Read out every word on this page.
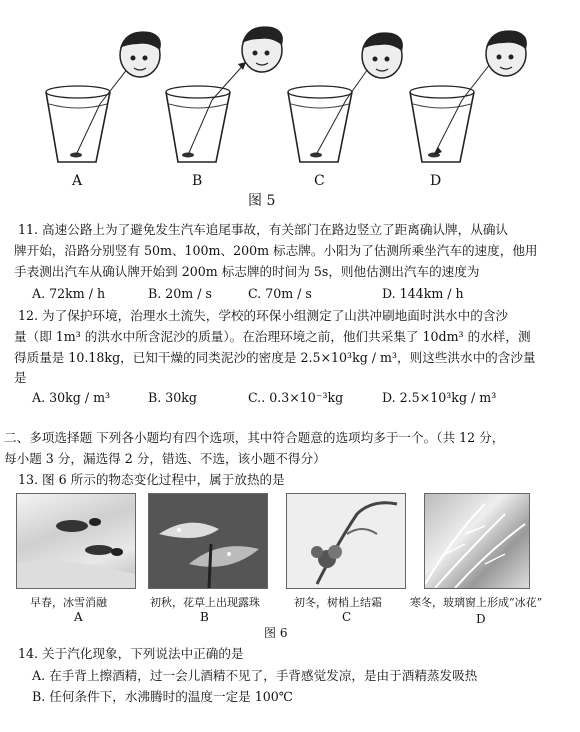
A	B	C	D
图 5
11. 高速公路上为了避免发生汽车追尾事故，有关部门在路边竖立了距离确认牌，从确认
牌开始，沿路分别竖有 50m、100m、200m 标志牌。小阳为了估测所乘坐汽车的速度，他用
手表测出汽车从确认牌开始到 200m 标志牌的时间为 5s，则他估测出汽车的速度为
A. 72km / h	B. 20m / s	C. 70m / s	D. 144km / h
12. 为了保护环境，治理水土流失，学校的环保小组测定了山洪冲刷地面时洪水中的含沙
量（即 1m³ 的洪水中所含泥沙的质量）。在治理环境之前，他们共采集了 10dm³ 的水样，测
得质量是 10.18kg，已知干燥的同类泥沙的密度是 2.5×10³kg / m³，则这些洪水中的含沙量
是
A. 30kg / m³	B. 30kg	C.. 0.3×10⁻³kg	D. 2.5×10³kg / m³
二、多项选择题 下列各小题均有四个选项，其中符合题意的选项均多于一个。（共 12 分，
每小题 3 分，漏选得 2 分，错选、不选，该小题不得分）
13. 图 6 所示的物态变化过程中，属于放热的是
早春，冰雪消融	初秋，花草上出现露珠	初冬，树梢上结霜	寒冬，玻璃窗上形成“冰花”
A	B	C	D
图 6
14. 关于汽化现象，下列说法中正确的是
A. 在手背上擦酒精，过一会儿酒精不见了，手背感觉发凉，是由于酒精蒸发吸热
B. 任何条件下，水沸腾时的温度一定是 100℃
